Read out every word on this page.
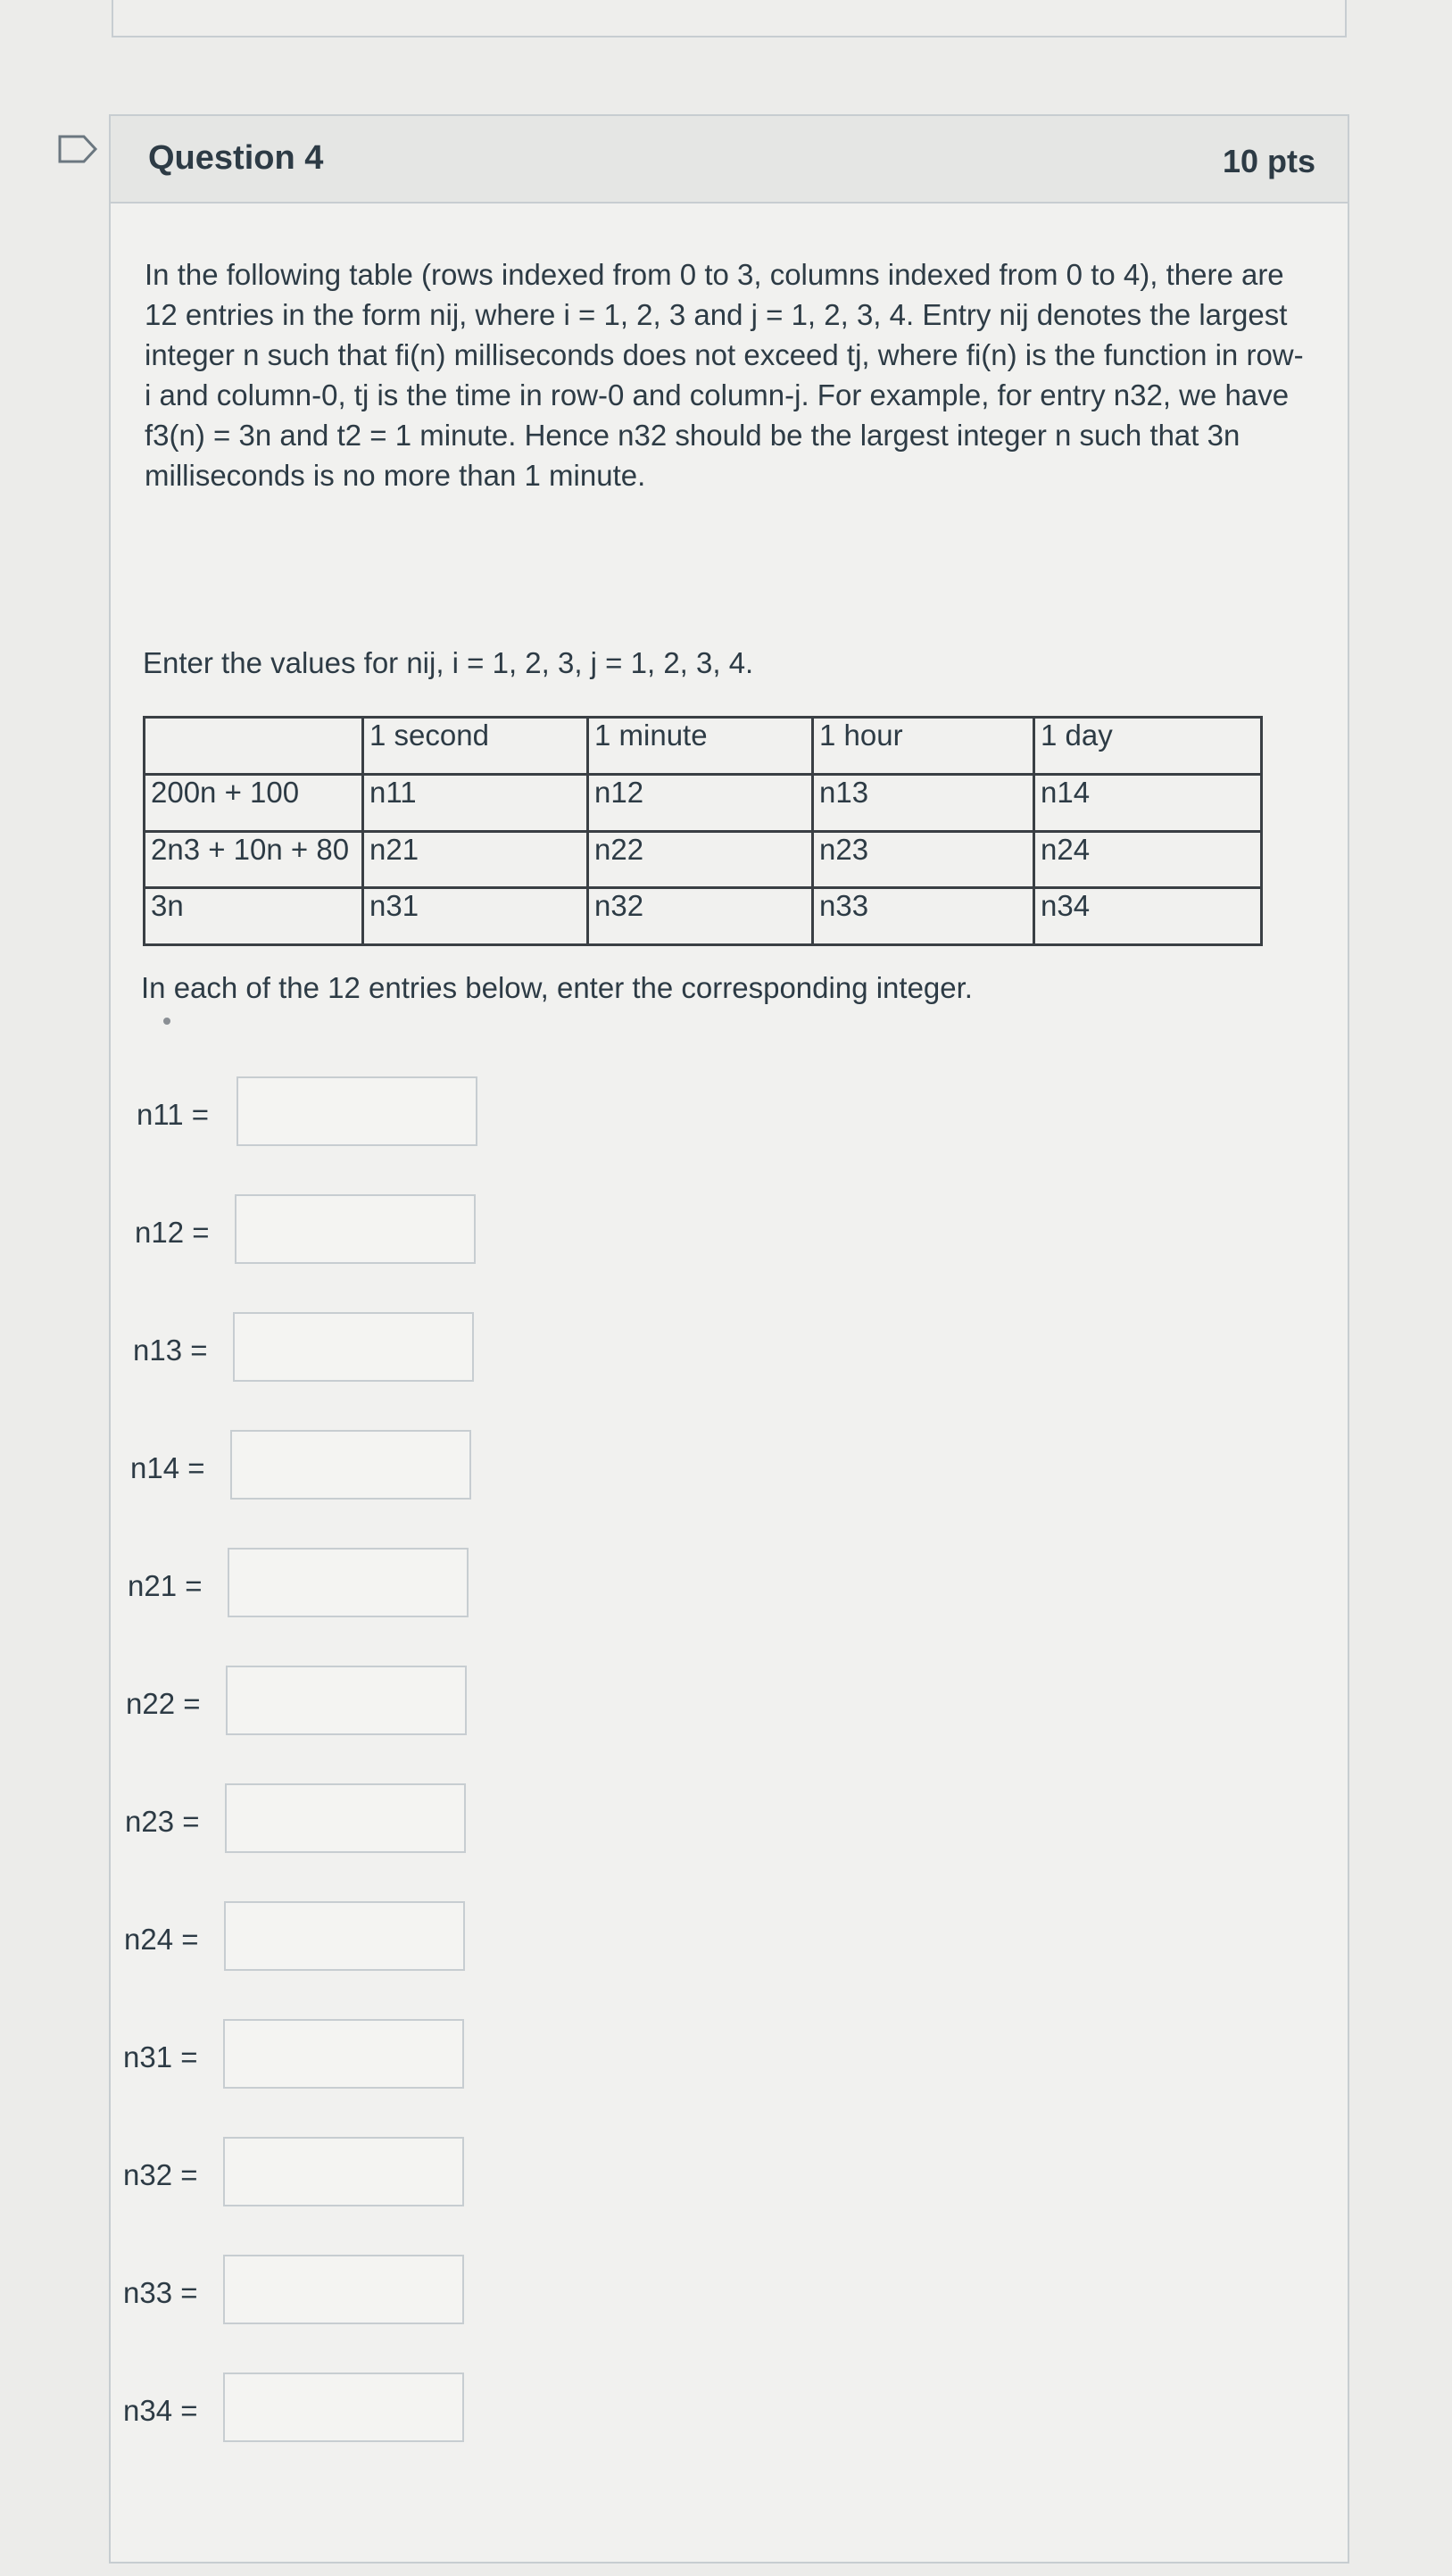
Question 4	10 pts

In the following table (rows indexed from 0 to 3, columns indexed from 0 to 4), there are 12 entries in the form nij, where i = 1, 2, 3 and j = 1, 2, 3, 4. Entry nij denotes the largest integer n such that fi(n) milliseconds does not exceed tj, where fi(n) is the function in row-i and column-0, tj is the time in row-0 and column-j. For example, for entry n32, we have f3(n) = 3n and t2 = 1 minute. Hence n32 should be the largest integer n such that 3n milliseconds is no more than 1 minute.

Enter the values for nij, i = 1, 2, 3, j = 1, 2, 3, 4.
	1 second	1 minute	1 hour	1 day
200n + 100	n11	n12	n13	n14
2n3 + 10n + 80	n21	n22	n23	n24
3n	n31	n32	n33	n34
In each of the 12 entries below, enter the corresponding integer.
n11 =
n12 =
n13 =
n14 =
n21 =
n22 =
n23 =
n24 =
n31 =
n32 =
n33 =
n34 =
